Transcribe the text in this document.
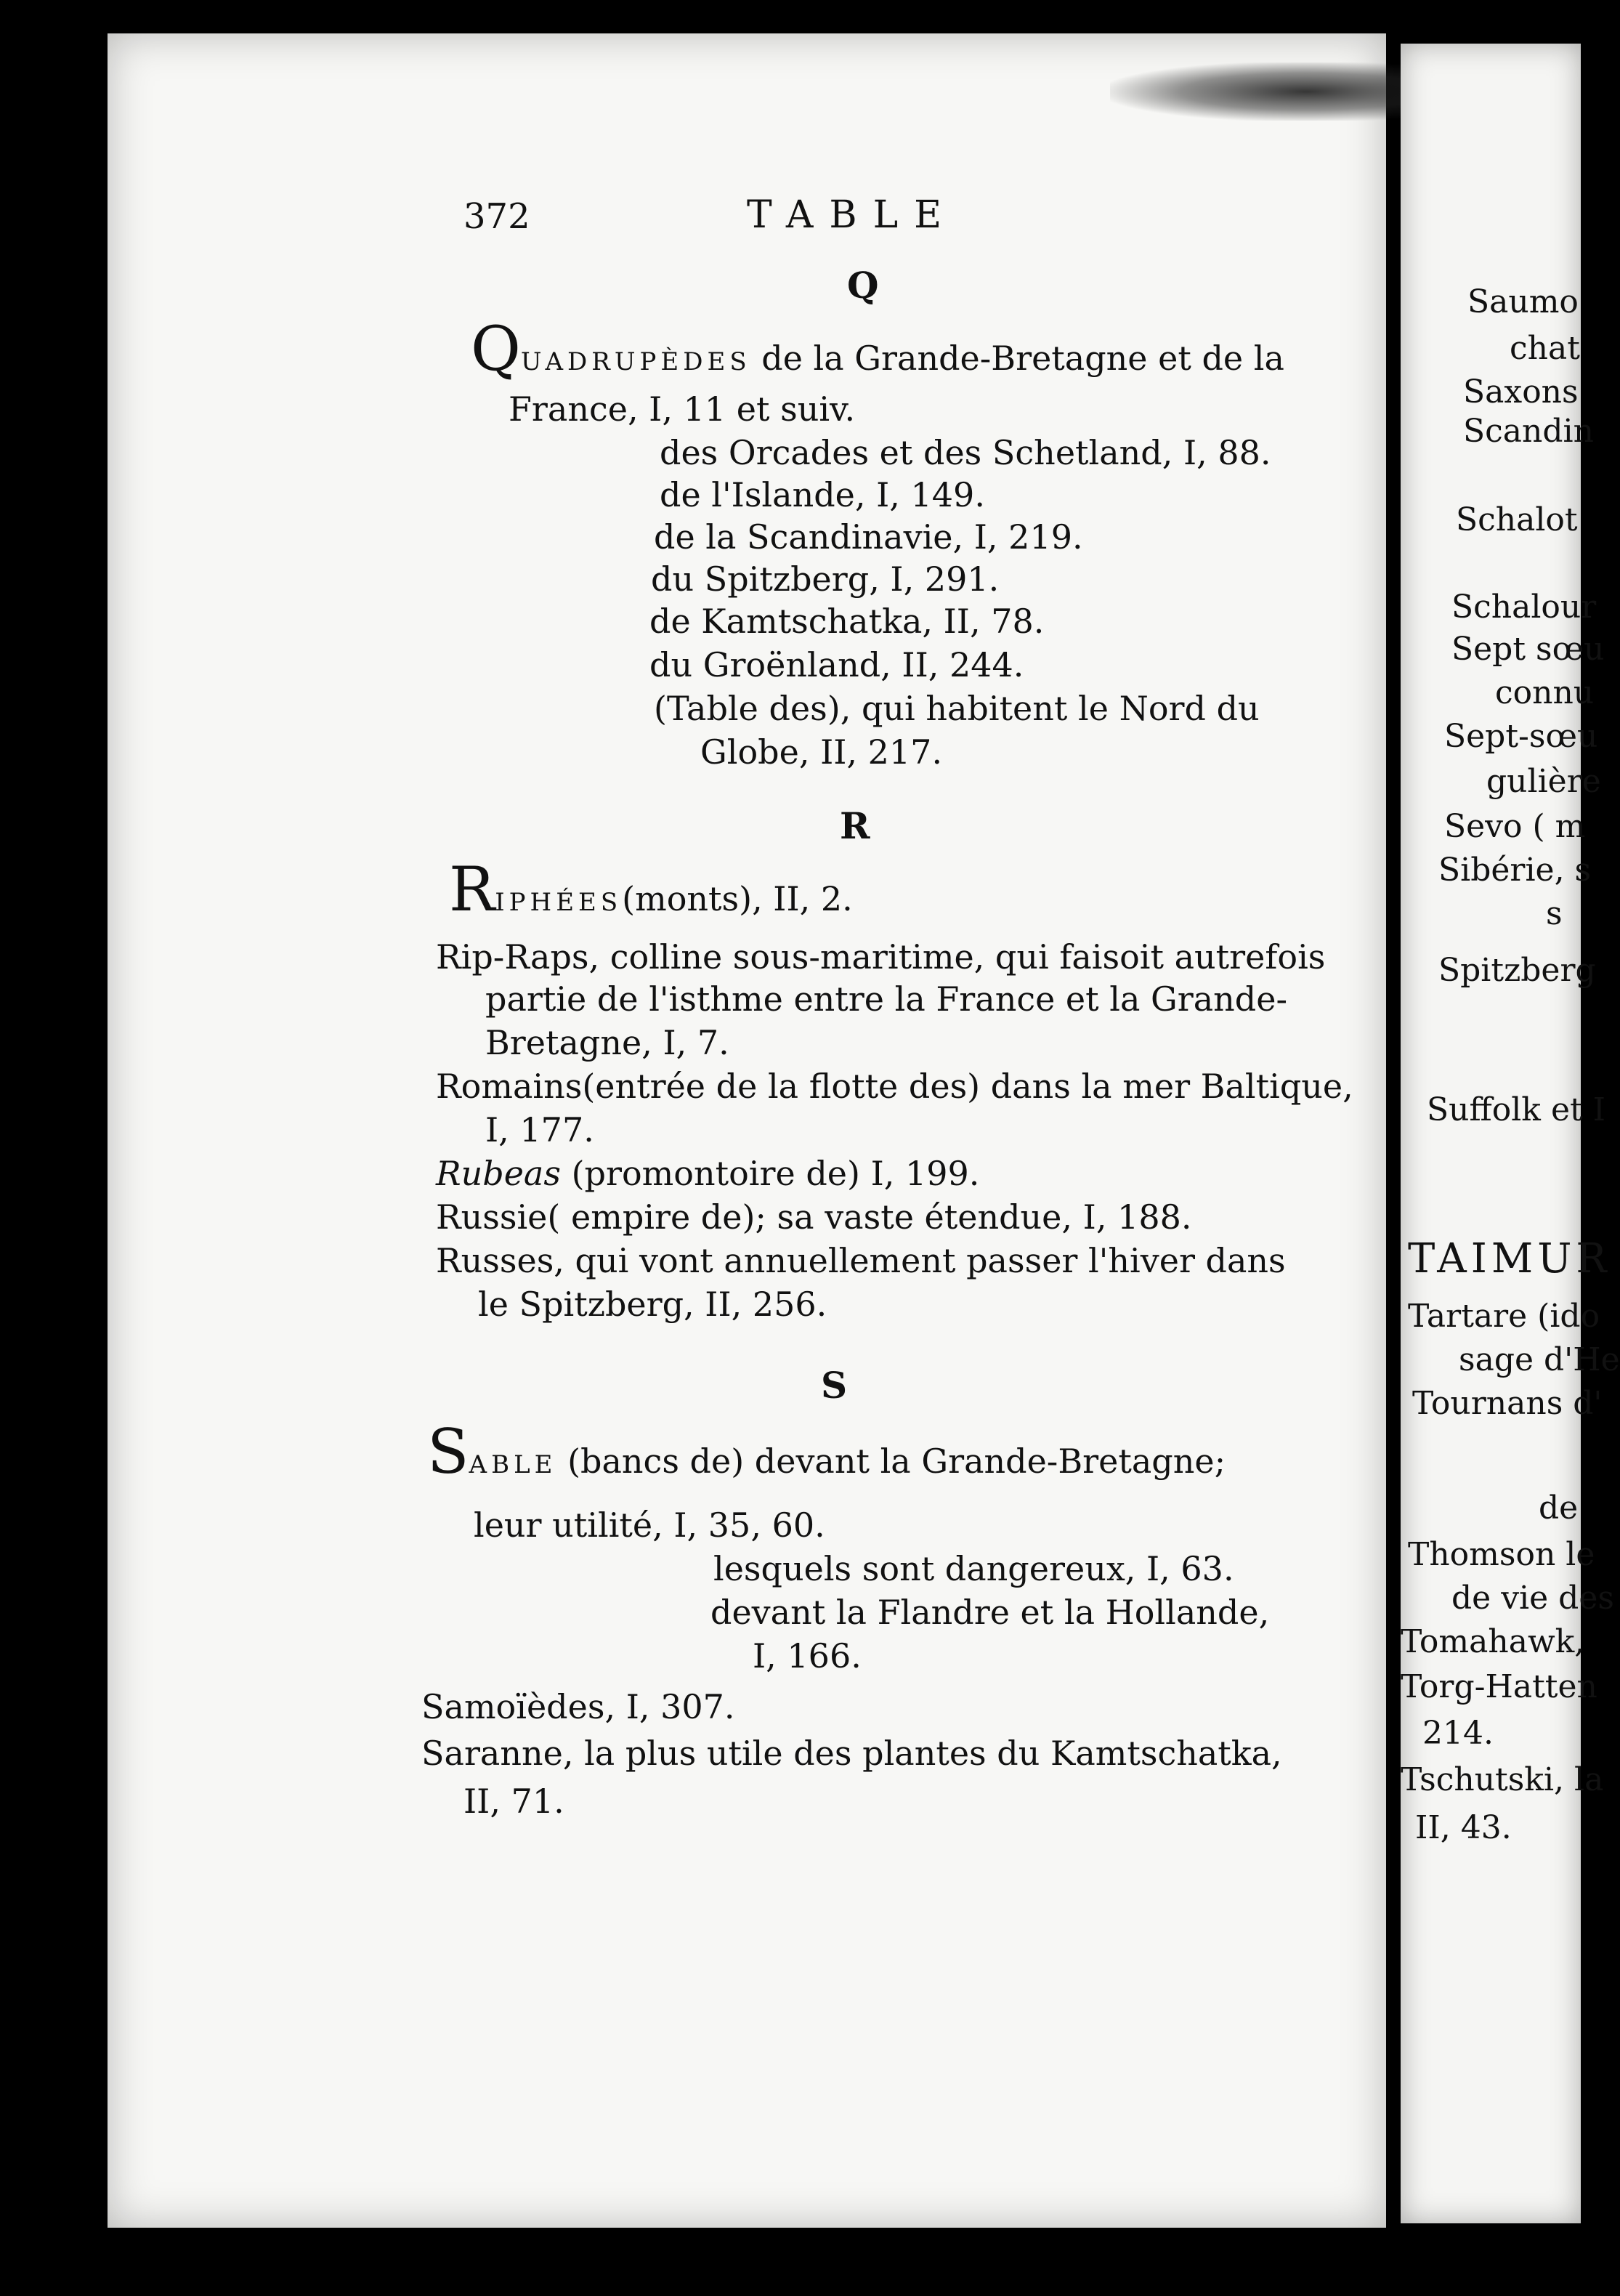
372	TABLE
Q
QUADRUPÈDES de la Grande-Bretagne et de la
France, I, 11 et suiv.
des Orcades et des Schetland, I, 88.
de l'Islande, I, 149.
de la Scandinavie, I, 219.
du Spitzberg, I, 291.
de Kamtschatka, II, 78.
du Groënland, II, 244.
(Table des), qui habitent le Nord du
Globe, II, 217.
R
RIPHÉES(monts), II, 2.
Rip-Raps, colline sous-maritime, qui faisoit autrefois
partie de l'isthme entre la France et la Grande-
Bretagne, I, 7.
Romains(entrée de la flotte des) dans la mer Baltique,
I, 177.
Rubeas (promontoire de) I, 199.
Russie( empire de); sa vaste étendue, I, 188.
Russes, qui vont annuellement passer l'hiver dans
le Spitzberg, II, 256.
S
SABLE (bancs de) devant la Grande-Bretagne;
leur utilité, I, 35, 60.
lesquels sont dangereux, I, 63.
devant la Flandre et la Hollande,
I, 166.
Samoïèdes, I, 307.
Saranne, la plus utile des plantes du Kamtschatka,
II, 71.
Saumo
chat
Saxons
Scandin
Schalot
Schalour
Sept sœu
connu
Sept-sœu
gulière
Sevo ( m
Sibérie, s
s
Spitzberg
Suffolk et I
TAIMUR
Tartare (ido
sage d'He
Tournans d'
de
Thomson le
de vie des
Tomahawk,
Torg-Hatten
214.
Tschutski, la
II, 43.
